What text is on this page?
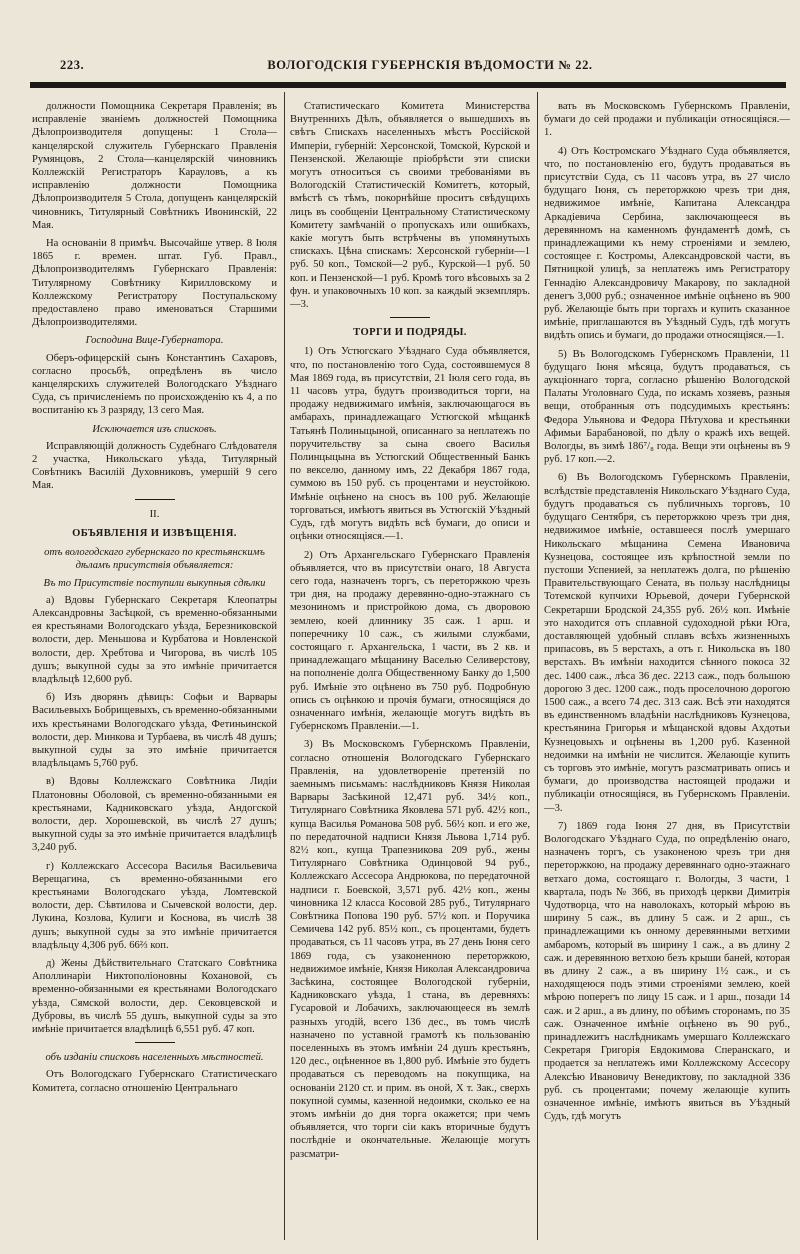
223.	ВОЛОГОДСКІЯ ГУБЕРНСКІЯ ВѢДОМОСТИ № 22.

должности Помощника Секретаря Правленія; въ исправленіе званіемъ должностей Помощника Дѣлопроизводителя допущены: 1 Стола—канцелярской служитель Губернскаго Правленія Румянцовъ, 2 Стола—канцелярскій чиновникъ Коллежскій Регистраторъ Карауловъ, а къ исправленію должности Помощника Дѣлопроизводителя 5 Стола, допущенъ канцелярскій чиновникъ, Титулярный Совѣтникъ Ивонинскій, 22 Мая.

На основаніи 8 примѣч. Высочайше утвер. 8 Іюля 1865 г. времен. штат. Губ. Правл., Дѣлопроизводителямъ Губернскаго Правленія: Титулярному Совѣтнику Кирилловскому и Коллежскому Регистратору Поступальскому предоставлено право именоваться Старшими Дѣлопроизводителями.

Господина Вице-Губернатора.

Оберъ-офицерскій сынъ Константинъ Сахаровъ, согласно просьбѣ, опредѣленъ въ число канцелярскихъ служителей Вологодскаго Уѣзднаго Суда, съ причисленіемъ по происхожденію къ 4, а по воспитанію къ 3 разряду, 13 сего Мая.

Исключается изъ списковъ.

Исправляющій должность Судебнаго Слѣдователя 2 участка, Никольскаго уѣзда, Титулярный Совѣтникъ Василій Духовниковъ, умершій 9 сего Мая.

II.

ОБЪЯВЛЕНІЯ И ИЗВѢЩЕНІЯ.

отъ вологодскаго губернскаго по крестьянскимъ дѣламъ присутствія объявляется:

Въ то Присутствіе поступили выкупныя сдѣлки

а) Вдовы Губернскаго Секретаря Клеопатры Александровны Засѣцкой, съ временно-обязанными ея крестьянами Вологодскаго уѣзда, Березниковской волости, дер. Меньшова и Курбатова и Новленской волости, дер. Хребтова и Чигорова, въ числѣ 105 душъ; выкупной суды за это имѣніе причитается владѣльцѣ 12,600 руб.

б) Изъ дворянъ дѣвицъ: Софьи и Варвары Васильевыхъ Бобрищевыхъ, съ временно-обязанными ихъ крестьянами Вологодскаго уѣзда, Фетиньинской волости, дер. Минкова и Турбаева, въ числѣ 48 душъ; выкупной суды за это имѣніе причитается владѣльцамъ 5,760 руб.

в) Вдовы Коллежскаго Совѣтника Лидіи Платоновны Оболовой, съ временно-обязанными ея крестьянами, Кадниковскаго уѣзда, Андогской волости, дер. Хорошевской, въ числѣ 27 душъ; выкупной суды за это имѣніе причитается владѣлицѣ 3,240 руб.

г) Коллежскаго Ассесора Василья Васильевича Верещагина, съ временно-обязанными его крестьянами Вологодскаго уѣзда, Ломтевской волости, дер. Сѣвтилова и Сычевской волости, дер. Лукина, Козлова, Кулиги и Коснова, въ числѣ 38 душъ; выкупной суды за это имѣніе причитается владѣльцу 4,306 руб. 66⅔ коп.

д) Жены Дѣйствительнаго Статскаго Совѣтника Аполлинаріи Никтополіоновны Кохановой, съ временно-обязанными ея крестьянами Вологодскаго уѣзда, Сямской волости, дер. Сековцевской и Дубровы, въ числѣ 55 душъ, выкупной суды за это имѣніе причитается владѣлицѣ 6,551 руб. 47 коп.

объ изданіи списковъ населенныхъ мѣстностей.

Отъ Вологодскаго Губернскаго Статистическаго Комитета, согласно отношенію Центральнаго

Статистическаго Комитета Министерства Внутреннихъ Дѣлъ, объявляется о вышедшихъ въ свѣтъ Спискахъ населенныхъ мѣстъ Россійской Имперіи, губерній: Херсонской, Томской, Курской и Пензенской. Желающіе пріобрѣсти эти списки могутъ относиться съ своими требованіями въ Вологодскій Статистическій Комитетъ, который, вмѣстѣ съ тѣмъ, покорнѣйше проситъ свѣдущихъ лицъ въ сообщеніи Центральному Статистическому Комитету замѣчаній о пропускахъ или ошибкахъ, какіе могутъ быть встрѣчены въ упомянутыхъ спискахъ. Цѣна спискамъ: Херсонской губерніи—1 руб. 50 коп., Томской—2 руб., Курской—1 руб. 50 коп. и Пензенской—1 руб. Кромѣ того вѣсовыхъ за 2 фун. и упаковочныхъ 10 коп. за каждый экземпляръ.—3.

ТОРГИ И ПОДРЯДЫ.

1) Отъ Устюгскаго Уѣзднаго Суда объявляется, что, по постановленію того Суда, состоявшемуся 8 Мая 1869 года, въ присутствіи, 21 Іюля сего года, въ 11 часовъ утра, будутъ производиться торги, на продажу недвижимаго имѣнія, заключающагося въ амбарахъ, принадлежащаго Устюгской мѣщанкѣ Татьянѣ Полиныцыной, описаннаго за неплатежъ по поручительству за сына своего Василья Полинцыцына въ Устюгский Общественный Банкъ по векселю, данному имъ, 22 Декабря 1867 года, суммою въ 150 руб. съ процентами и неустойкою. Имѣніе оцѣнено на сносъ въ 100 руб. Желающіе торговаться, имѣютъ явиться въ Устюгскій Уѣздный Судъ, гдѣ могутъ видѣть всѣ бумаги, до описи и оцѣнки относящіяся.—1.

2) Отъ Архангельскаго Губернскаго Правленія объявляется, что въ присутствіи онаго, 18 Августа сего года, назначенъ торгъ, съ переторжкою чрезъ три дня, на продажу деревянно-одно-этажнаго съ мезониномъ и пристройкою дома, съ дворовою землею, коей длиннику 35 саж. 1 арш. и поперечнику 10 саж., съ жилыми службами, состоящаго г. Архангельска, 1 части, въ 2 кв. и принадлежащаго мѣщанину Васелью Селиверстову, на пополненіе долга Общественному Банку до 1,500 руб. Имѣніе это оцѣнено въ 750 руб. Подробную опись съ оцѣнкою и прочія бумаги, относящіяся до означеннаго имѣнія, желающіе могутъ видѣть въ Губернскомъ Правленіи.—1.

3) Въ Московскомъ Губернскомъ Правленіи, согласно отношенія Вологодскаго Губернскаго Правленія, на удовлетвореніе претензій по заемнымъ письмамъ: наслѣдниковъ Князя Николая Варвары Засѣкиной 12,471 руб. 34½ коп., Титулярнаго Совѣтника Яковлева 571 руб. 42½ коп., купца Василья Романова 508 руб. 56½ коп. и его же, по передаточной надписи Князя Львова 1,714 руб. 82½ коп., купца Трапезникова 209 руб., жены Титулярнаго Совѣтника Одинцовой 94 руб., Коллежскаго Ассесора Андрюкова, по передаточной надписи г. Боевской, 3,571 руб. 42½ коп., жены чиновника 12 класса Косовой 285 руб., Титулярнаго Совѣтника Попова 190 руб. 57½ коп. и Поручика Семичева 142 руб. 85½ коп., съ процентами, будетъ продаваться, съ 11 часовъ утра, въ 27 день Іюня сего 1869 года, съ узаконенною переторжкою, недвижимое имѣніе, Князя Николая Александровича Засѣкина, состоящее Вологодской губерніи, Кадниковскаго уѣзда, 1 стана, въ деревняхъ: Гусаровой и Лобачихъ, заключающееся въ землѣ разныхъ угодій, всего 136 дес., въ томъ числѣ назначено по уставной грамотѣ къ пользованію поселенныхъ въ этомъ имѣніи 24 душъ крестьянъ, 120 дес., оцѣненное въ 1,800 руб. Имѣніе это будетъ продаваться съ переводомъ на покупщика, на основаніи 2120 ст. и прим. въ оной, Х т. Зак., сверхъ покупной суммы, казенной недоимки, сколько ее на этомъ имѣніи до дня торга окажется; при чемъ объявляется, что торги сіи какъ вторичные будутъ послѣдніе и окончательные. Желающіе могутъ разсматри-

вать въ Московскомъ Губернскомъ Правленіи, бумаги до сей продажи и публикаціи относящіяся.—1.

4) Отъ Костромскаго Уѣзднаго Суда объявляется, что, по постановленію его, будутъ продаваться въ присутствіи Суда, съ 11 часовъ утра, въ 27 число будущаго Іюня, съ переторжкою чрезъ три дня, недвижимое имѣніе, Капитана Александра Аркадіевича Сербина, заключающееся въ деревянномъ на каменномъ фундаментѣ домѣ, съ принадлежащими къ нему строеніями и землею, состоящее г. Костромы, Александровской части, въ Пятницкой улицѣ, за неплатежъ имъ Регистратору Геннадію Александровичу Макарову, по закладной денегъ 3,000 руб.; означенное имѣніе оцѣнено въ 900 руб. Желающіе быть при торгахъ и купить сказанное имѣніе, приглашаются въ Уѣздный Судъ, гдѣ могутъ видѣть опись и бумаги, до продажи относящіяся.—1.

5) Въ Вологодскомъ Губернскомъ Правленіи, 11 будущаго Іюня мѣсяца, будутъ продаваться, съ аукціоннаго торга, согласно рѣшенію Вологодской Палаты Уголовнаго Суда, по искамъ хозяевъ, разныя вещи, отобранныя отъ подсудимыхъ крестьянъ: Федора Ульянова и Федора Пѣтухова и крестьянки Афимьи Барабановой, по дѣлу о кражѣ ихъ вещей. Вологды, въ зимѣ 186⁷/₈ года. Вещи эти оцѣнены въ 9 руб. 17 коп.—2.

6) Въ Вологодскомъ Губернскомъ Правленіи, вслѣдствіе представленія Никольскаго Уѣзднаго Суда, будутъ продаваться съ публичныхъ торговъ, 10 будущаго Сентября, съ переторжкою чрезъ три дня, недвижимое имѣніе, оставшееся послѣ умершаго Никольскаго мѣщанина Семена Ивановича Кузнецова, состоящее изъ крѣпостной земли по пустоши Успенией, за неплатежъ долга, по рѣшенію Правительствующаго Сената, въ пользу наслѣдницы Тотемской купчихи Юрьевой, дочери Губернской Секретарши Бродской 24,355 руб. 26½ коп. Имѣніе это находится отъ сплавной судоходной рѣки Юга, доставляющей удобный сплавъ всѣхъ жизненныхъ припасовъ, въ 5 верстахъ, а отъ г. Никольска въ 180 верстахъ. Въ имѣніи находится сѣнного покоса 32 дес. 1400 саж., лѣса 36 дес. 2213 саж., подъ большою дорогою 3 дес. 1200 саж., подъ проселочною дорогою 1500 саж., а всего 74 дес. 313 саж. Всѣ эти находятся въ единственномъ владѣніи наслѣдниковъ Кузнецова, крестьянина Григорья и мѣщанской вдовы Ахдотьи Кузнецовыхъ и оцѣнены въ 1,200 руб. Казенной недоимки на имѣніи не числится. Желающіе купить съ торговъ это имѣніе, могутъ разсматривать опись и бумаги, до производства настоящей продажи и публикаціи относящіяся, въ Губернскомъ Правленіи.—3.

7) 1869 года Іюня 27 дня, въ Присутствіи Вологодскаго Уѣзднаго Суда, по опредѣленію онаго, назначенъ торгъ, съ узаконеною чрезъ три дня переторжкою, на продажу деревяннаго одно-этажнаго ветхаго дома, состоящаго г. Вологды, 3 части, 1 квартала, подъ № 366, въ приходѣ церкви Димитрія Чудотворца, что на наволокахъ, который мѣрою въ ширину 5 саж., въ длину 5 саж. и 2 арш., съ принадлежащими къ онному деревянными ветхими амбаромъ, который въ ширину 1 саж., а въ длину 2 саж. и деревянною ветхою безъ крыши баней, которая въ длину 2 саж., а въ ширину 1½ саж., и съ находящеюся подъ этими строеніями землею, коей мѣрою поперегъ по лицу 15 саж. и 1 арш., позади 14 саж. и 2 арш., а въ длину, по обѣимъ сторонамъ, по 35 саж. Означенное имѣніе оцѣнено въ 90 руб., принадлежитъ наслѣдникамъ умершаго Коллежскаго Секретаря Григорія Евдокимова Сперанскаго, и продается за неплатежъ ими Коллежскому Ассесору Алексѣю Ивановичу Венедиктову, по закладной 336 руб. съ процентами; почему желающіе купить означенное имѣніе, имѣютъ явиться въ Уѣздный Судъ, гдѣ могутъ
